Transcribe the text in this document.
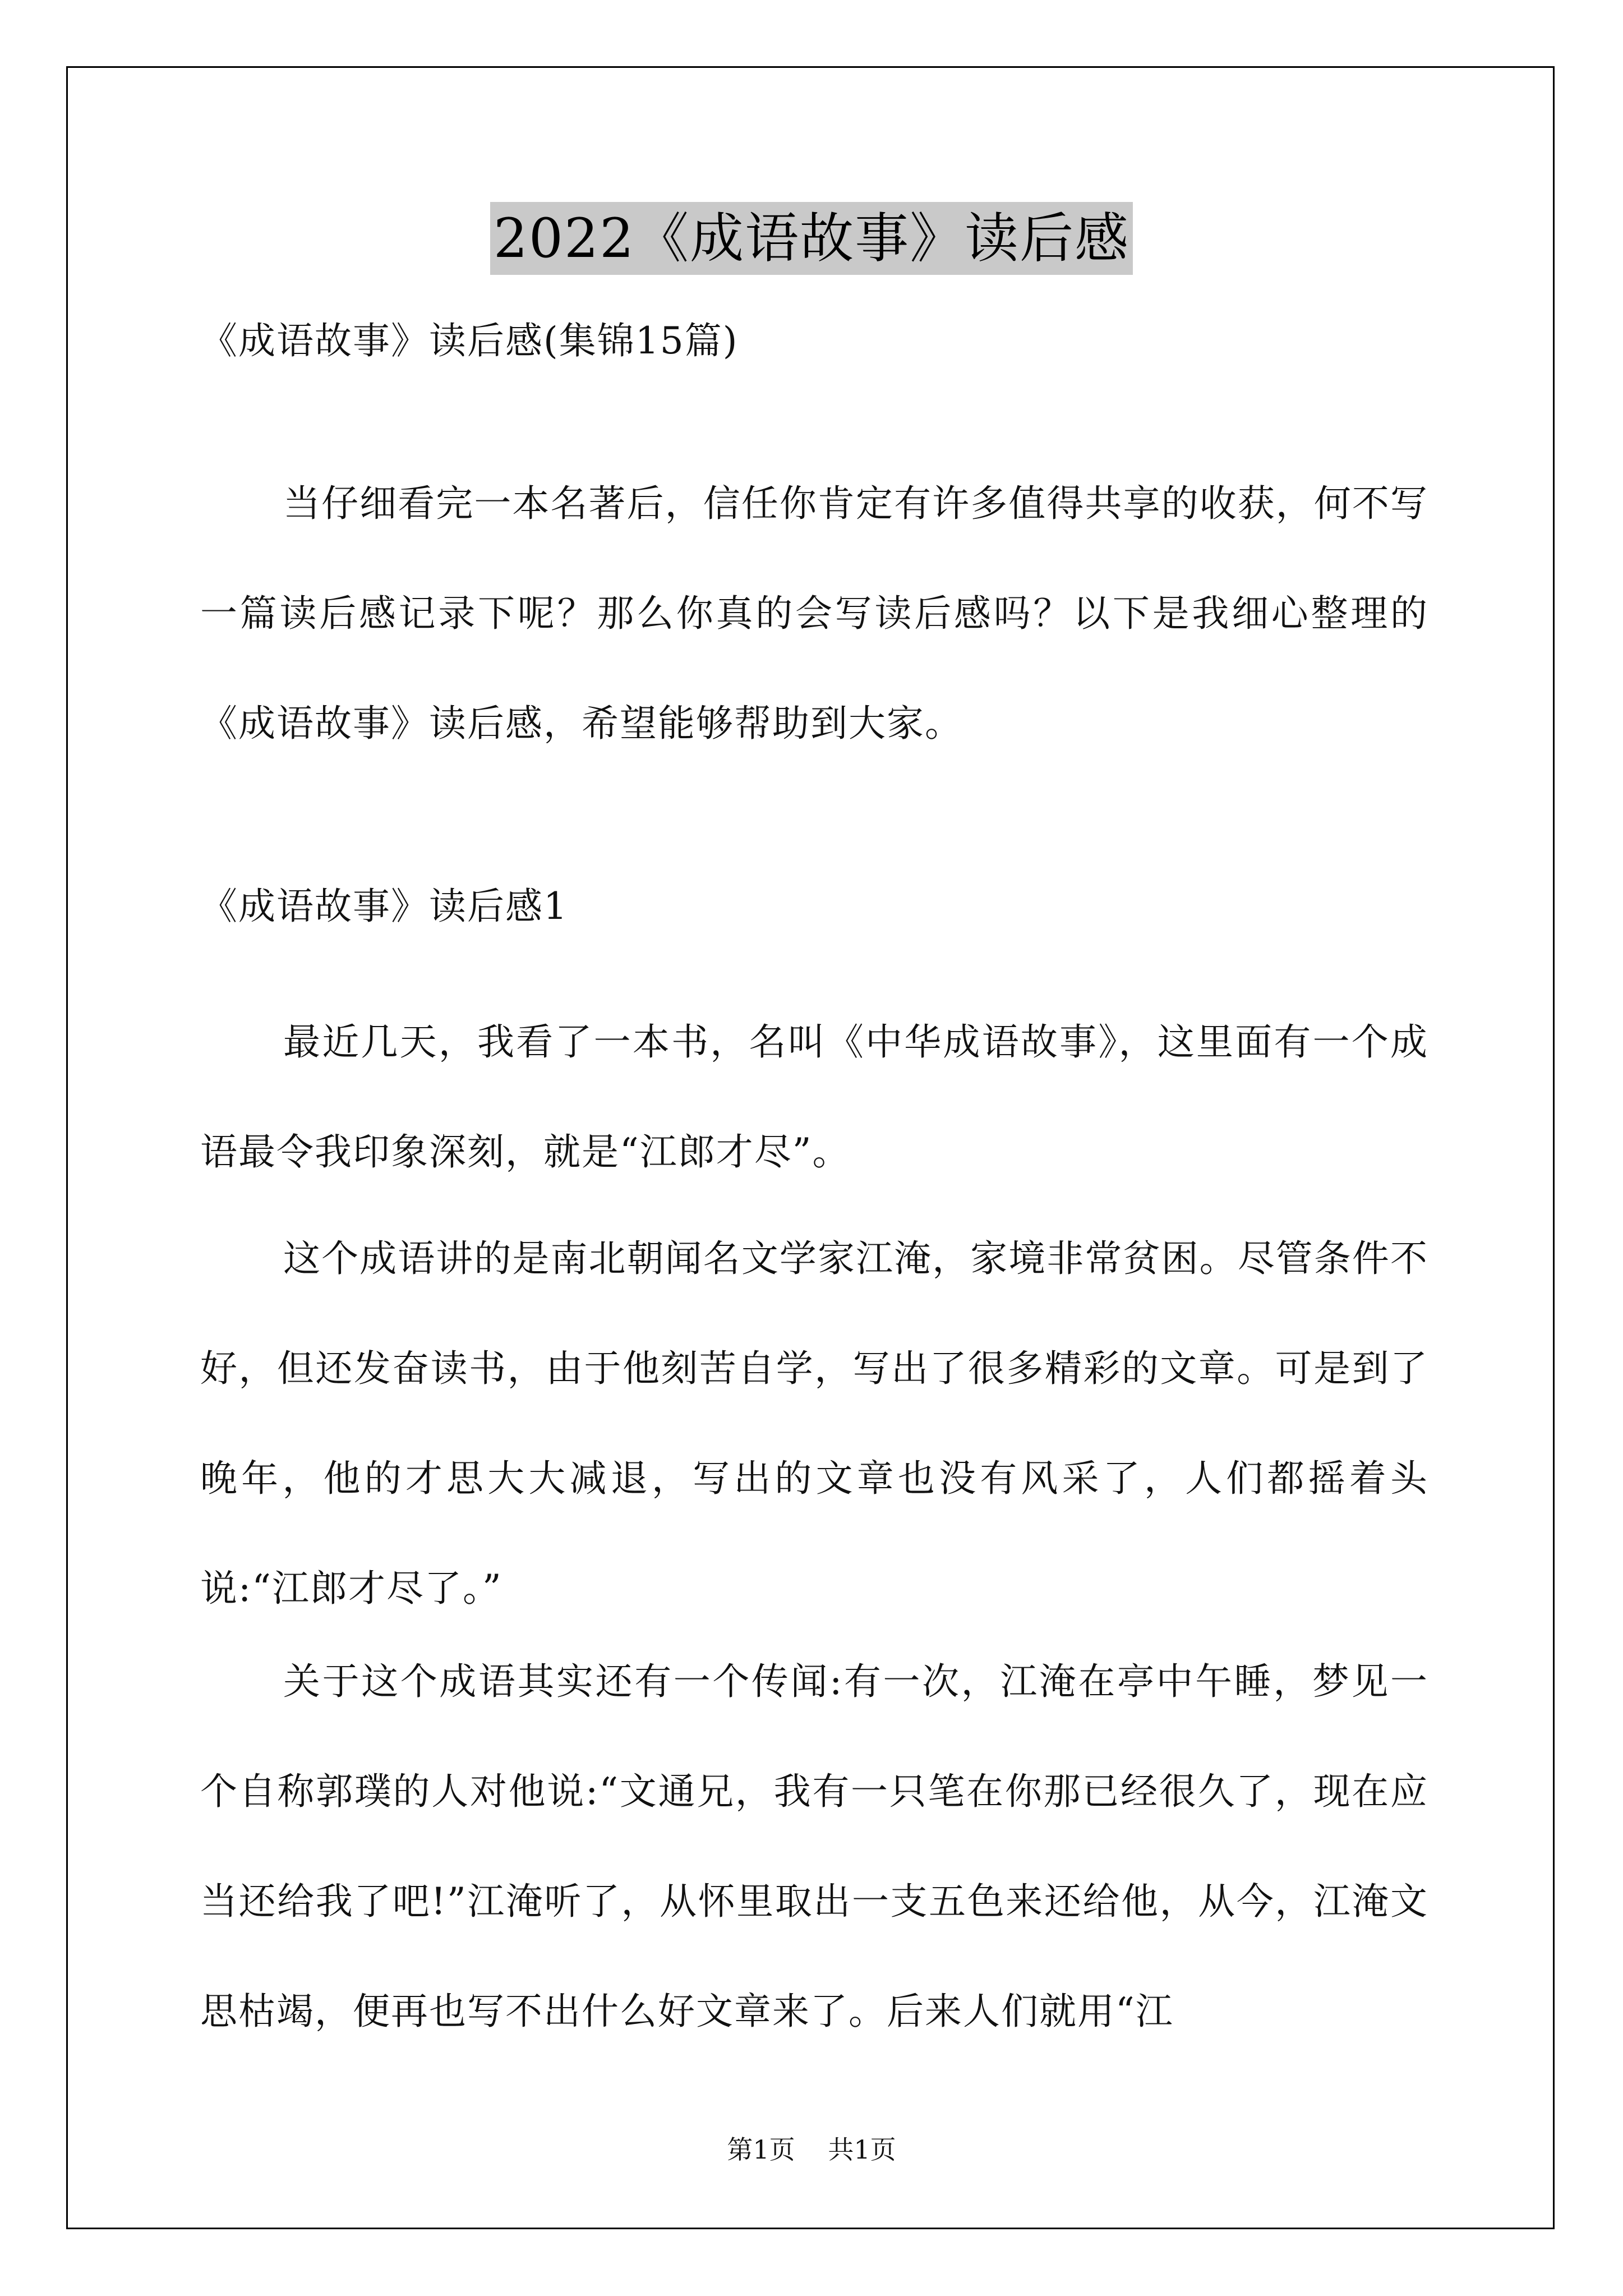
2022《成语故事》读后感
《成语故事》读后感(集锦15篇)
当仔细看完一本名著后，信任你肯定有许多值得共享的收获，何不写一篇读后感记录下呢？那么你真的会写读后感吗？以下是我细心整理的《成语故事》读后感，希望能够帮助到大家。
《成语故事》读后感1
最近几天，我看了一本书，名叫《中华成语故事》，这里面有一个成语最令我印象深刻，就是“江郎才尽”。
这个成语讲的是南北朝闻名文学家江淹，家境非常贫困。尽管条件不好，但还发奋读书，由于他刻苦自学，写出了很多精彩的文章。可是到了晚年，他的才思大大减退，写出的文章也没有风采了，人们都摇着头说:“江郎才尽了。”
关于这个成语其实还有一个传闻:有一次，江淹在亭中午睡，梦见一个自称郭璞的人对他说:“文通兄，我有一只笔在你那已经很久了，现在应当还给我了吧!”江淹听了，从怀里取出一支五色来还给他，从今，江淹文思枯竭，便再也写不出什么好文章来了。后来人们就用“江
第1页 共1页
